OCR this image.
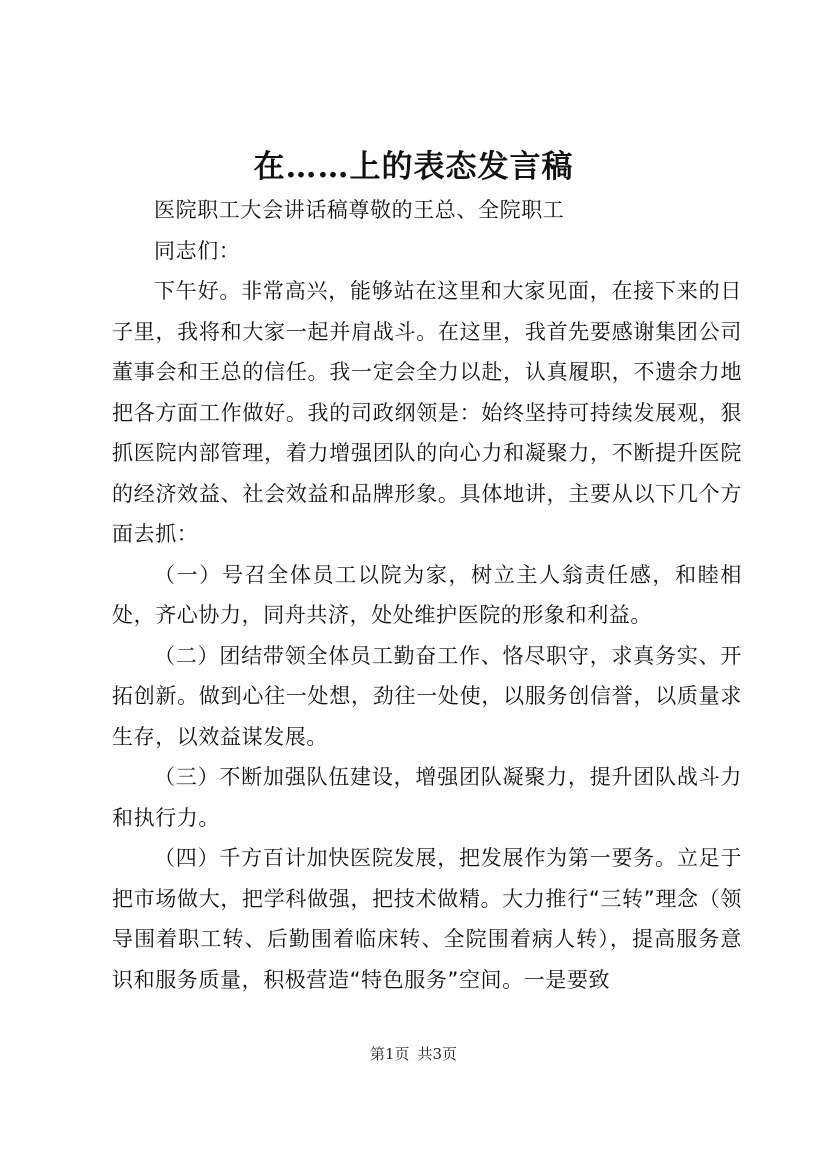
在……上的表态发言稿

医院职工大会讲话稿尊敬的王总、全院职工

同志们：

下午好。非常高兴，能够站在这里和大家见面，在接下来的日子里，我将和大家一起并肩战斗。在这里，我首先要感谢集团公司董事会和王总的信任。我一定会全力以赴，认真履职，不遗余力地把各方面工作做好。我的司政纲领是：始终坚持可持续发展观，狠抓医院内部管理，着力增强团队的向心力和凝聚力，不断提升医院的经济效益、社会效益和品牌形象。具体地讲，主要从以下几个方面去抓：

（一）号召全体员工以院为家，树立主人翁责任感，和睦相处，齐心协力，同舟共济，处处维护医院的形象和利益。

（二）团结带领全体员工勤奋工作、恪尽职守，求真务实、开拓创新。做到心往一处想，劲往一处使，以服务创信誉，以质量求生存，以效益谋发展。

（三）不断加强队伍建设，增强团队凝聚力，提升团队战斗力和执行力。

（四）千方百计加快医院发展，把发展作为第一要务。立足于把市场做大，把学科做强，把技术做精。大力推行“三转”理念（领导围着职工转、后勤围着临床转、全院围着病人转），提高服务意识和服务质量，积极营造“特色服务”空间。一是要致

第1页 共3页
